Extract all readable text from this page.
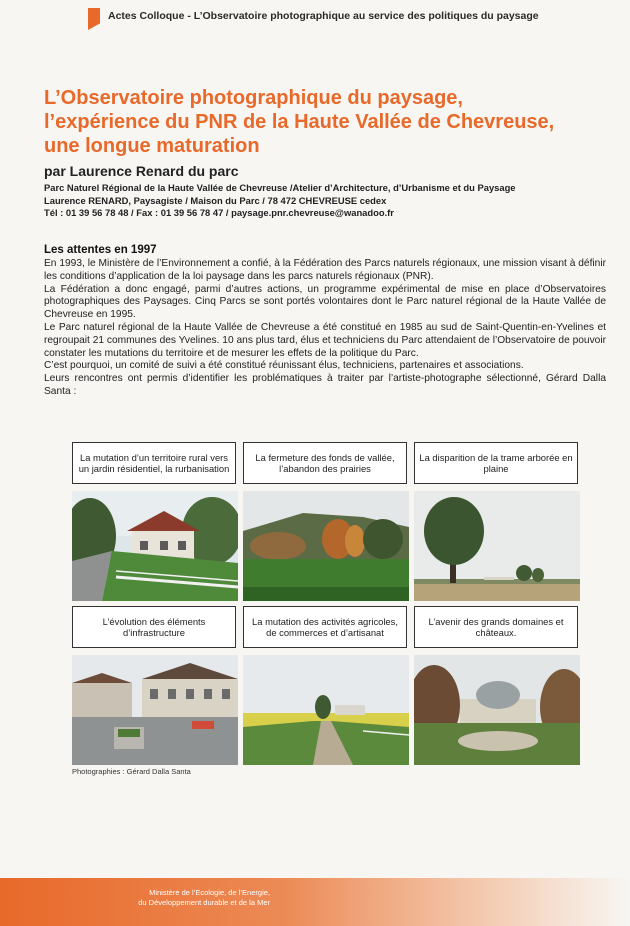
Actes Colloque - L’Observatoire photographique au service des politiques du paysage
L’Observatoire photographique du paysage,
l’expérience du PNR de la Haute Vallée de Chevreuse,
une longue maturation
par Laurence Renard du parc
Parc Naturel Régional de la Haute Vallée de Chevreuse /Atelier d’Architecture, d’Urbanisme et du Paysage
Laurence RENARD, Paysagiste / Maison du Parc / 78 472 CHEVREUSE cedex
Tél : 01 39 56 78 48 / Fax : 01 39 56 78 47 / paysage.pnr.chevreuse@wanadoo.fr
Les attentes en 1997

En 1993, le Ministère de l’Environnement a confié, à la Fédération des Parcs naturels régionaux, une mission visant à définir les conditions d’application de la loi paysage dans les parcs naturels régionaux (PNR).

La Fédération a donc engagé, parmi d’autres actions, un programme expérimental de mise en place d’Observatoires photographiques des Paysages. Cinq Parcs se sont portés volontaires dont le Parc naturel régional de la Haute Vallée de Chevreuse en 1995.

Le Parc naturel régional de la Haute Vallée de Chevreuse a été constitué en 1985 au sud de Saint-Quentin-en-Yvelines et regroupait 21 communes des Yvelines. 10 ans plus tard, élus et techniciens du Parc attendaient de l’Observatoire de pouvoir constater les mutations du territoire et de mesurer les effets de la politique du Parc.

C’est pourquoi, un comité de suivi a été constitué réunissant élus, techniciens, partenaires et associations.

Leurs rencontres ont permis d’identifier les problématiques à traiter par l’artiste-photographe sélectionné, Gérard Dalla Santa :

La mutation d’un territoire rural vers un jardin résidentiel, la rurbanisation
La fermeture des fonds de vallée, l’abandon des prairies
La disparition de la trame arborée en plaine
L’évolution des éléments d’infrastructure
La mutation des activités agricoles, de commerces et d’artisanat
L’avenir des grands domaines et châteaux.
Photographies : Gérard Dalla Santa
Ministère de l’Ecologie, de l’Energie,
du Développement durable et de la Mer
